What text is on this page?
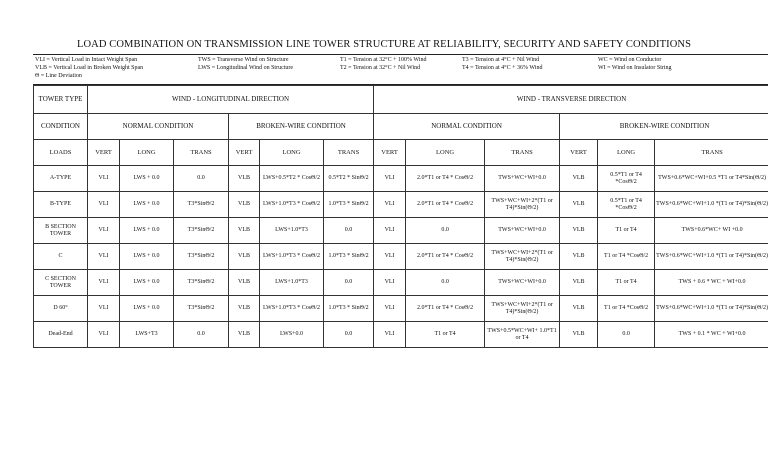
LOAD COMBINATION ON TRANSMISSION LINE TOWER STRUCTURE AT RELIABILITY, SECURITY AND SAFETY CONDITIONS
VLI = Vertical Load in Intact Weight Span
VLB = Vertical Load in Broken Weight Span
Θ = Line Deviation
TWS = Transverse Wind on Structure
LWS = Longitudinal Wind on Structure
T1 = Tension at 32°C + 100% Wind
T2 = Tension at 32°C + Nil Wind
T3 = Tension at 4°C + Nil Wind
T4 = Tension at 4°C + 36% Wind
WC = Wind on Conductor
WI = Wind on Insulator String
TOWER TYPE	WIND - LONGITUDINAL DIRECTION						WIND - TRANSVERSE DIRECTION					
CONDITION	NORMAL CONDITION			BROKEN-WIRE CONDITION			NORMAL CONDITION			BROKEN-WIRE CONDITION		
LOADS	VERT	LONG	TRANS	VERT	LONG	TRANS	VERT	LONG	TRANS	VERT	LONG	TRANS
A-TYPE	VLI	LWS + 0.0	0.0	VLB	LWS+0.5*T2 * CosΘ/2	0.5*T2 * SinΘ/2	VLI	2.0*T1 or T4 * CosΘ/2	TWS+WC+WI+0.0	VLB	0.5*T1 or T4 *CosΘ/2	TWS+0.6*WC+WI+0.5 *T1 or T4*Sin(Θ/2)
B-TYPE	VLI	LWS + 0.0	T3*SinΘ/2	VLB	LWS+1.0*T3 * CosΘ/2	1.0*T3 * SinΘ/2	VLI	2.0*T1 or T4 * CosΘ/2	TWS+WC+WI+2*(T1 or T4)*Sin(Θ/2)	VLB	0.5*T1 or T4 *CosΘ/2	TWS+0.6*WC+WI+1.0 *(T1 or T4)*Sin(Θ/2)
B SECTION TOWER	VLI	LWS + 0.0	T3*SinΘ/2	VLB	LWS+1.0*T3	0.0	VLI	0.0	TWS+WC+WI+0.0	VLB	T1 or T4	TWS+0.6*WC+ WI +0.0
C	VLI	LWS + 0.0	T3*SinΘ/2	VLB	LWS+1.0*T3 * CosΘ/2	1.0*T3 * SinΘ/2	VLI	2.0*T1 or T4 * CosΘ/2	TWS+WC+WI+2*(T1 or T4)*Sin(Θ/2)	VLB	T1 or T4 *CosΘ/2	TWS+0.6*WC+WI+1.0 *(T1 or T4)*Sin(Θ/2)
C SECTION TOWER	VLI	LWS + 0.0	T3*SinΘ/2	VLB	LWS+1.0*T3	0.0	VLI	0.0	TWS+WC+WI+0.0	VLB	T1 or T4	TWS + 0.6 * WC + WI+0.0
D 60°	VLI	LWS + 0.0	T3*SinΘ/2	VLB	LWS+1.0*T3 * CosΘ/2	1.0*T3 * SinΘ/2	VLI	2.0*T1 or T4 * CosΘ/2	TWS+WC+WI+2*(T1 or T4)*Sin(Θ/2)	VLB	T1 or T4 *CosΘ/2	TWS+0.6*WC+WI+1.0 *(T1 or T4)*Sin(Θ/2)
Dead-End	VLI	LWS+T3	0.0	VLB	LWS+0.0	0.0	VLI	T1 or T4	TWS+0.5*WC+WI+ 1.0*T1 or T4	VLB	0.0	TWS + 0.1 * WC + WI+0.0
